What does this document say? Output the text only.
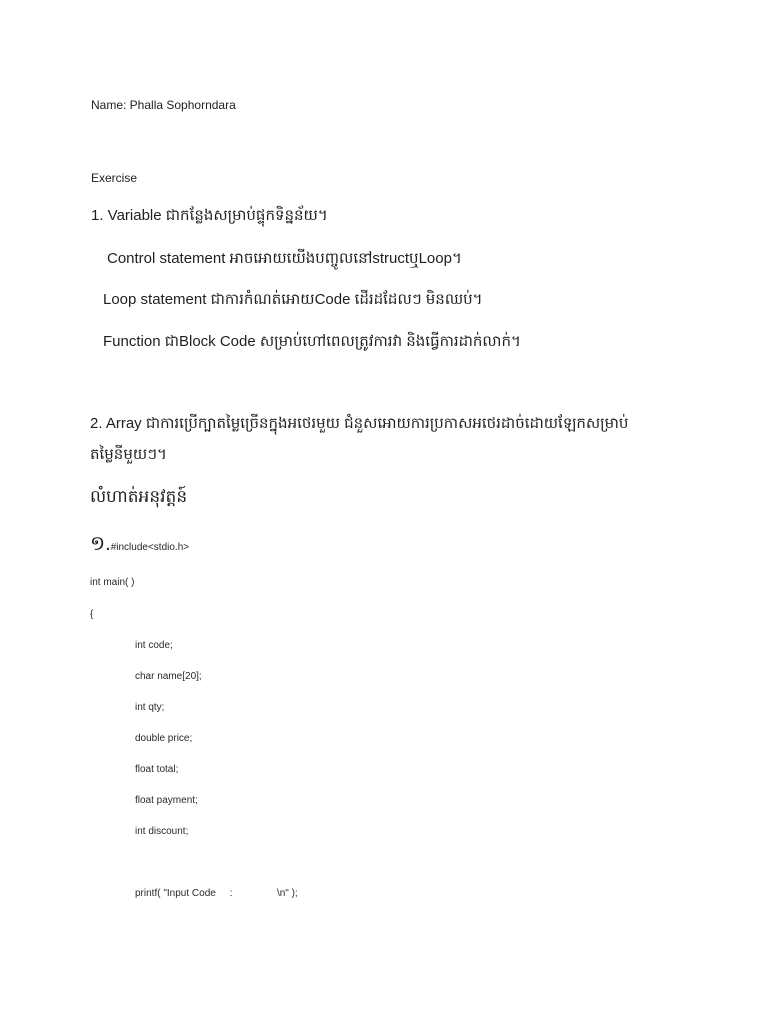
Name: Phalla Sophorndara

Exercise

1. Variable ជាកន្លែងសម្រាប់ផ្ទុកទិន្នន័យ។

Control statement អាចអោយយើងបញ្ចូលនៅstructឬLoop។

Loop statement ជាការកំណត់អោយCode ដើរដដែលៗ មិនឈប់។

Function ជាBlock Code សម្រាប់ហៅពេលត្រូវការវា និងធ្វើការដាក់លាក់។

2. Array ជាការប្រើក្បាតម្លៃច្រើនក្នុងអថេរមួយ ជំនួសអោយការប្រកាសអថេរដាច់ដោយឡែកសម្រាប់

តម្លៃនីមួយៗ។

លំហាត់អនុវត្តន៍

១.#include<stdio.h>

int main( )

{

int code;

char name[20];

int qty;

double price;

float total;

float payment;

int discount;

printf( "Input Code     :                \n" );
